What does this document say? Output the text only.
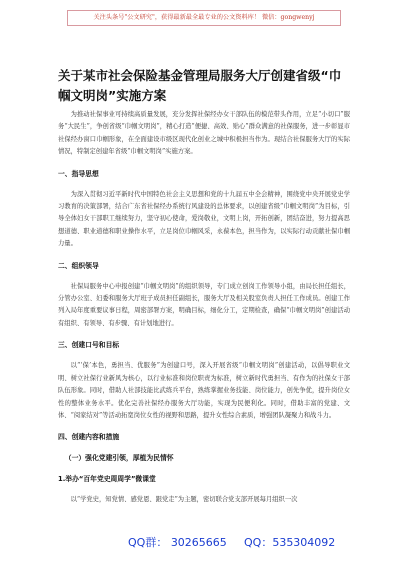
关注头条号"公文研究"，获得最新最全最专业的公文资料库！ 微信：gongwenyj
关于某市社会保险基金管理局服务大厅创建省级“巾帼文明岗”实施方案

为推动社保事业可持续高质量发展，充分发挥社保经办女干部队伍的模范带头作用，立足“小切口”服务“大民生”，争创省级“巾帼文明岗”，精心打造“便捷、高效、贴心”群众满意的社保服务，进一步彰显市社保经办窗口巾帼形象，在全面建设市级区现代化创业之城中积极担当作为。现结合社保服务大厅的实际情况，特制定创建年省级“巾帼文明岗”实施方案。

一、指导思想

为深入贯彻习近平新时代中国特色社会主义思想和党的十九届五中全会精神，围绕党中央开展党史学习教育的决策部署，结合广东省社保经办系统行风建设的总体要求，以创建省级“巾帼文明岗”为目标，引导全体妇女干部职工继续努力，坚守初心使命，爱岗敬业，文明上岗，开拓创新，团结奋进，努力提高思想道德、职业道德和职业操作水平，立足岗位巾帼风采，永葆本色，担当作为，以实际行动贡献社保巾帼力量。

二、组织领导

社保局服务中心申报创建“巾帼文明岗”的组织领导，专门成立创岗工作领导小组，由局长担任组长，分管办公室、妇委和服务大厅班子成员担任副组长，服务大厅及相关股室负责人担任工作成员。创建工作列入局年度重要议事日程，周密部署方案，明确目标，细化分工，定期检查，确保“巾帼文明岗”创建活动有组织、有领导、有步骤、有计划地进行。

三、创建口号和目标

以“‘保’本色，勇担当、优服务”为创建口号，深入开展省级“巾帼文明岗”创建活动，以倡导职业文明、树立社保行业新风为核心，以行业标准和岗位职责为标准，树立新时代勇担当、有作为的社保女干部队伍形象。同时，借助人社部技能比武练兵平台，熟练掌握业务技能、岗位能力，创先争优，提升岗位女性的整体业务水平。优化完善社保经办服务大厅功能，实现为民便利化。同时，借助丰富的党建、文体、“阅家结对”等活动拓宽岗位女性的视野和思路，提升女性综合素质，增强团队凝聚力和战斗力。

四、创建内容和措施
（一）强化党建引领，厚植为民情怀
1.举办“百年党史周周学”微课堂

以“学党史，知党情、感党恩、跟党走”为主题，密切联合党支部开展每月组织一次

QQ群： 30265665 QQ：535304092
